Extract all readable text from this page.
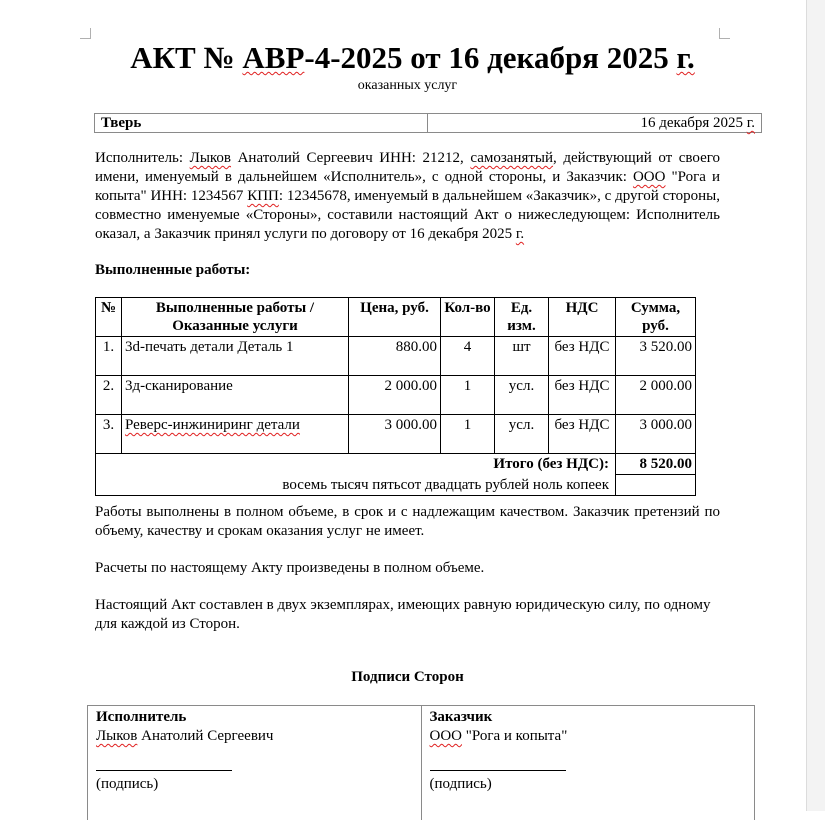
АКТ № АВР-4-2025 от 16 декабря 2025 г.
оказанных услуг
Тверь	16 декабря 2025 г.
Исполнитель: Лыков Анатолий Сергеевич ИНН: 21212, самозанятый, действующий от своего имени, именуемый в дальнейшем «Исполнитель», с одной стороны, и Заказчик: ООО "Рога и копыта" ИНН: 1234567 КПП: 12345678, именуемый в дальнейшем «Заказчик», с другой стороны, совместно именуемые «Стороны», составили настоящий Акт о нижеследующем: Исполнитель оказал, а Заказчик принял услуги по договору от 16 декабря 2025 г.
Выполненные работы:
№	Выполненные работы / Оказанные услуги	Цена, руб.	Кол-во	Ед. изм.	НДС	Сумма, руб.
1.	3d-печать детали Деталь 1	880.00	4	шт	без НДС	3 520.00
2.	3д-сканирование	2 000.00	1	усл.	без НДС	2 000.00
3.	Реверс-инжиниринг детали	3 000.00	1	усл.	без НДС	3 000.00
Итого (без НДС):						8 520.00
восемь тысяч пятьсот двадцать рублей ноль копеек						
Работы выполнены в полном объеме, в срок и с надлежащим качеством. Заказчик претензий по объему, качеству и срокам оказания услуг не имеет.
Расчеты по настоящему Акту произведены в полном объеме.
Настоящий Акт составлен в двух экземплярах, имеющих равную юридическую силу, по одному для каждой из Сторон.
Подписи Сторон
Исполнитель
Лыков Анатолий Сергеевич
(подпись)

Заказчик
ООО "Рога и копыта"
(подпись)
